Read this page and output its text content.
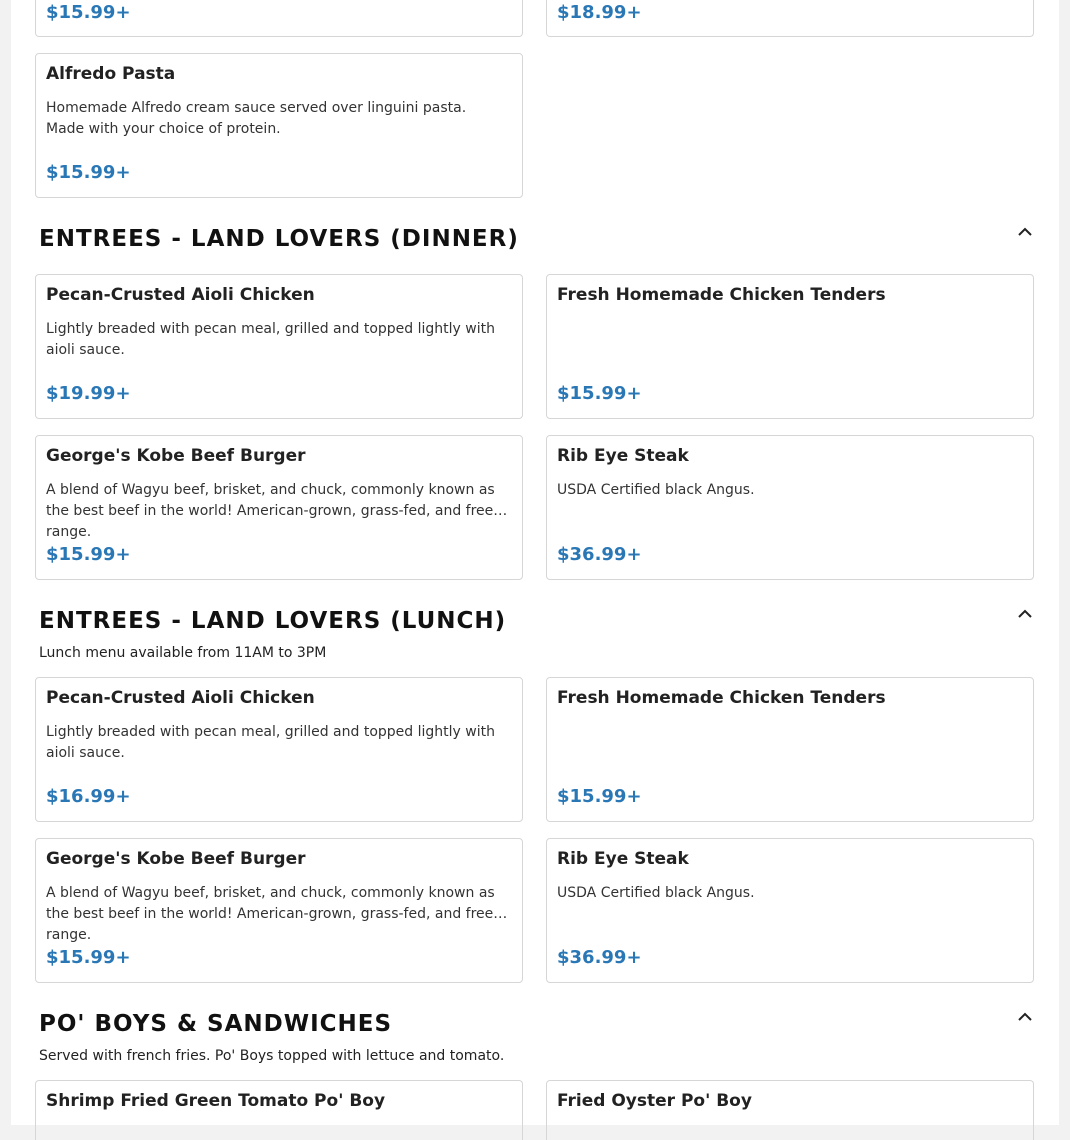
$15.99+	$18.99+
Alfredo Pasta
Homemade Alfredo cream sauce served over linguini pasta. Made with your choice of protein.
$15.99+
ENTREES - LAND LOVERS (DINNER)
Pecan-Crusted Aioli Chicken
Lightly breaded with pecan meal, grilled and topped lightly with aioli sauce.
$19.99+
Fresh Homemade Chicken Tenders
$15.99+
George's Kobe Beef Burger
A blend of Wagyu beef, brisket, and chuck, commonly known as the best beef in the world! American-grown, grass-fed, and free-range.
$15.99+
Rib Eye Steak
USDA Certified black Angus.
$36.99+
ENTREES - LAND LOVERS (LUNCH)
Lunch menu available from 11AM to 3PM
Pecan-Crusted Aioli Chicken
Lightly breaded with pecan meal, grilled and topped lightly with aioli sauce.
$16.99+
Fresh Homemade Chicken Tenders
$15.99+
George's Kobe Beef Burger
A blend of Wagyu beef, brisket, and chuck, commonly known as the best beef in the world! American-grown, grass-fed, and free-range.
$15.99+
Rib Eye Steak
USDA Certified black Angus.
$36.99+
PO' BOYS & SANDWICHES
Served with french fries. Po' Boys topped with lettuce and tomato.
Shrimp Fried Green Tomato Po' Boy	Fried Oyster Po' Boy
